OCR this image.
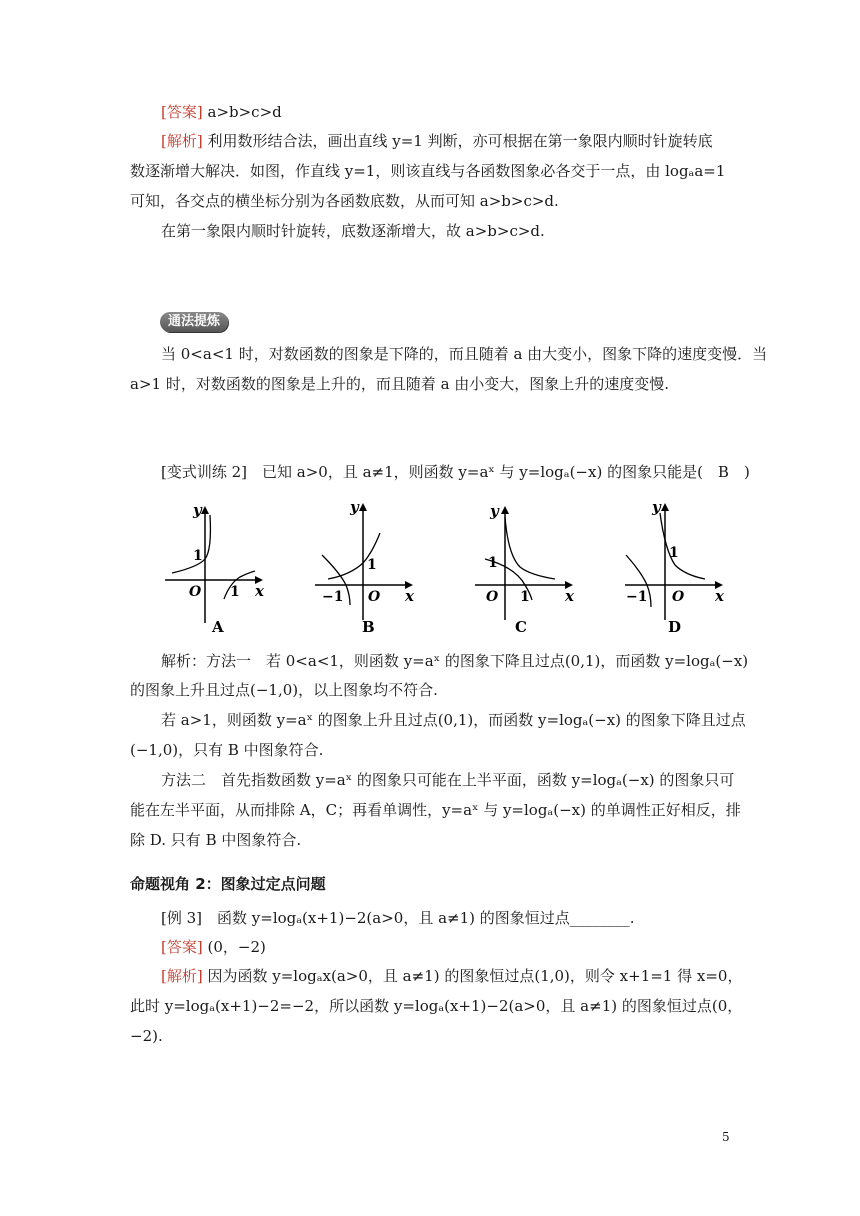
[答案] a>b>c>d
[解析] 利用数形结合法，画出直线 y=1 判断，亦可根据在第一象限内顺时针旋转底
数逐渐增大解决．如图，作直线 y=1，则该直线与各函数图象必各交于一点，由 logₐa=1
可知，各交点的横坐标分别为各函数底数，从而可知 a>b>c>d.
在第一象限内顺时针旋转，底数逐渐增大，故 a>b>c>d.
通法提炼
当 0<a<1 时，对数函数的图象是下降的，而且随着 a 由大变小，图象下降的速度变慢．当
a>1 时，对数函数的图象是上升的，而且随着 a 由小变大，图象上升的速度变慢.
[变式训练 2]　已知 a>0，且 a≠1，则函数 y=aˣ 与 y=logₐ(−x) 的图象只能是(　B　)
y
x
O
1
1
A
y
x
O
1
−1
B
y
x
O
1
1
C
y
x
O
1
−1
D
解析：方法一　若 0<a<1，则函数 y=aˣ 的图象下降且过点(0,1)，而函数 y=logₐ(−x)
的图象上升且过点(−1,0)，以上图象均不符合.
若 a>1，则函数 y=aˣ 的图象上升且过点(0,1)，而函数 y=logₐ(−x) 的图象下降且过点
(−1,0)，只有 B 中图象符合.
方法二　首先指数函数 y=aˣ 的图象只可能在上半平面，函数 y=logₐ(−x) 的图象只可
能在左半平面，从而排除 A，C；再看单调性，y=aˣ 与 y=logₐ(−x) 的单调性正好相反，排
除 D. 只有 B 中图象符合.
命题视角 2：图象过定点问题
[例 3]　函数 y=logₐ(x+1)−2(a>0，且 a≠1) 的图象恒过点________.
[答案] (0，−2)
[解析] 因为函数 y=logₐx(a>0，且 a≠1) 的图象恒过点(1,0)，则令 x+1=1 得 x=0，
此时 y=logₐ(x+1)−2=−2，所以函数 y=logₐ(x+1)−2(a>0，且 a≠1) 的图象恒过点(0，
−2).
5
